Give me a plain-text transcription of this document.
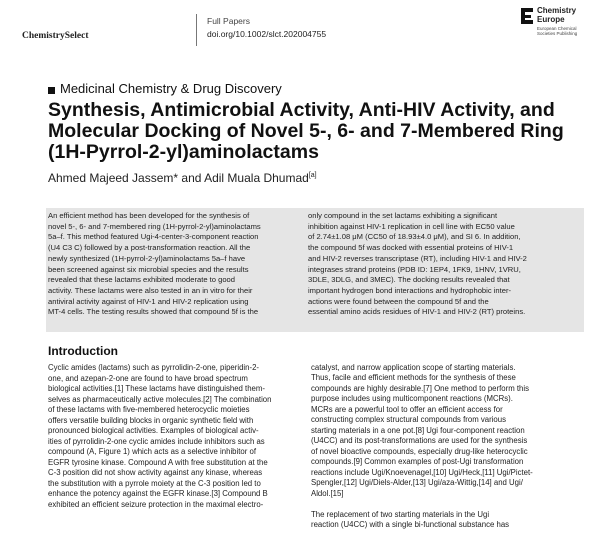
ChemistrySelect
Full Papers
doi.org/10.1002/slct.202004755
Chemistry
Europe
European Chemical
Societies Publishing
Medicinal Chemistry & Drug Discovery
Synthesis, Antimicrobial Activity, Anti-HIV Activity, and
Molecular Docking of Novel 5-, 6- and 7-Membered Ring
(1H-Pyrrol-2-yl)aminolactams
Ahmed Majeed Jassem* and Adil Muala Dhumad[a]
An efficient method has been developed for the synthesis of
novel 5-, 6- and 7-membered ring (1H-pyrrol-2-yl)aminolactams
5a–f. This method featured Ugi-4-center-3-component reaction
(U4 C3 C) followed by a post-transformation reaction. All the
newly synthesized (1H-pyrrol-2-yl)aminolactams 5a–f have
been screened against six microbial species and the results
revealed that these lactams exhibited moderate to good
activity. These lactams were also tested in an in vitro for their
antiviral activity against of HIV-1 and HIV-2 replication using
MT-4 cells. The testing results showed that compound 5f is the
only compound in the set lactams exhibiting a significant
inhibition against HIV-1 replication in cell line with EC50 value
of 2.74±1.08 μM (CC50 of 18.93±4.0 μM), and SI 6. In addition,
the compound 5f was docked with essential proteins of HIV-1
and HIV-2 reverses transcriptase (RT), including HIV-1 and HIV-2
integrases strand proteins (PDB ID: 1EP4, 1FK9, 1HNV, 1VRU,
3DLE, 3DLG, and 3MEC). The docking results revealed that
important hydrogen bond interactions and hydrophobic inter-
actions were found between the compound 5f and the
essential amino acids residues of HIV-1 and HIV-2 (RT) proteins.
Introduction
Cyclic amides (lactams) such as pyrrolidin-2-one, piperidin-2-
one, and azepan-2-one are found to have broad spectrum
biological activities.[1] These lactams have distinguished them-
selves as pharmaceutically active molecules.[2] The combination
of these lactams with five-membered heterocyclic moieties
offers versatile building blocks in organic synthetic field with
pronounced biological activities. Examples of biological activ-
ities of pyrrolidin-2-one cyclic amides include inhibitors such as
compound (A, Figure 1) which acts as a selective inhibitor of
EGFR tyrosine kinase. Compound A with free substitution at the
C-3 position did not show activity against any kinase, whereas
the substitution with a pyrrole moiety at the C-3 position led to
enhance the potency against the EGFR kinase.[3] Compound B
exhibited an efficient seizure protection in the maximal electro-

catalyst, and narrow application scope of starting materials.
Thus, facile and efficient methods for the synthesis of these
compounds are highly desirable.[7] One method to perform this
purpose includes using multicomponent reactions (MCRs).
MCRs are a powerful tool to offer an efficient access for
constructing complex structural compounds from various
starting materials in a one pot.[8] Ugi four-component reaction
(U4CC) and its post-transformations are used for the synthesis
of novel bioactive compounds, especially drug-like heterocyclic
compounds.[9] Common examples of post-Ugi transformation
reactions include Ugi/Knoevenagel,[10] Ugi/Heck,[11] Ugi/Pictet-
Spengler,[12] Ugi/Diels-Alder,[13] Ugi/aza-Wittig,[14] and Ugi/
Aldol.[15]

The replacement of two starting materials in the Ugi
reaction (U4CC) with a single bi-functional substance has
